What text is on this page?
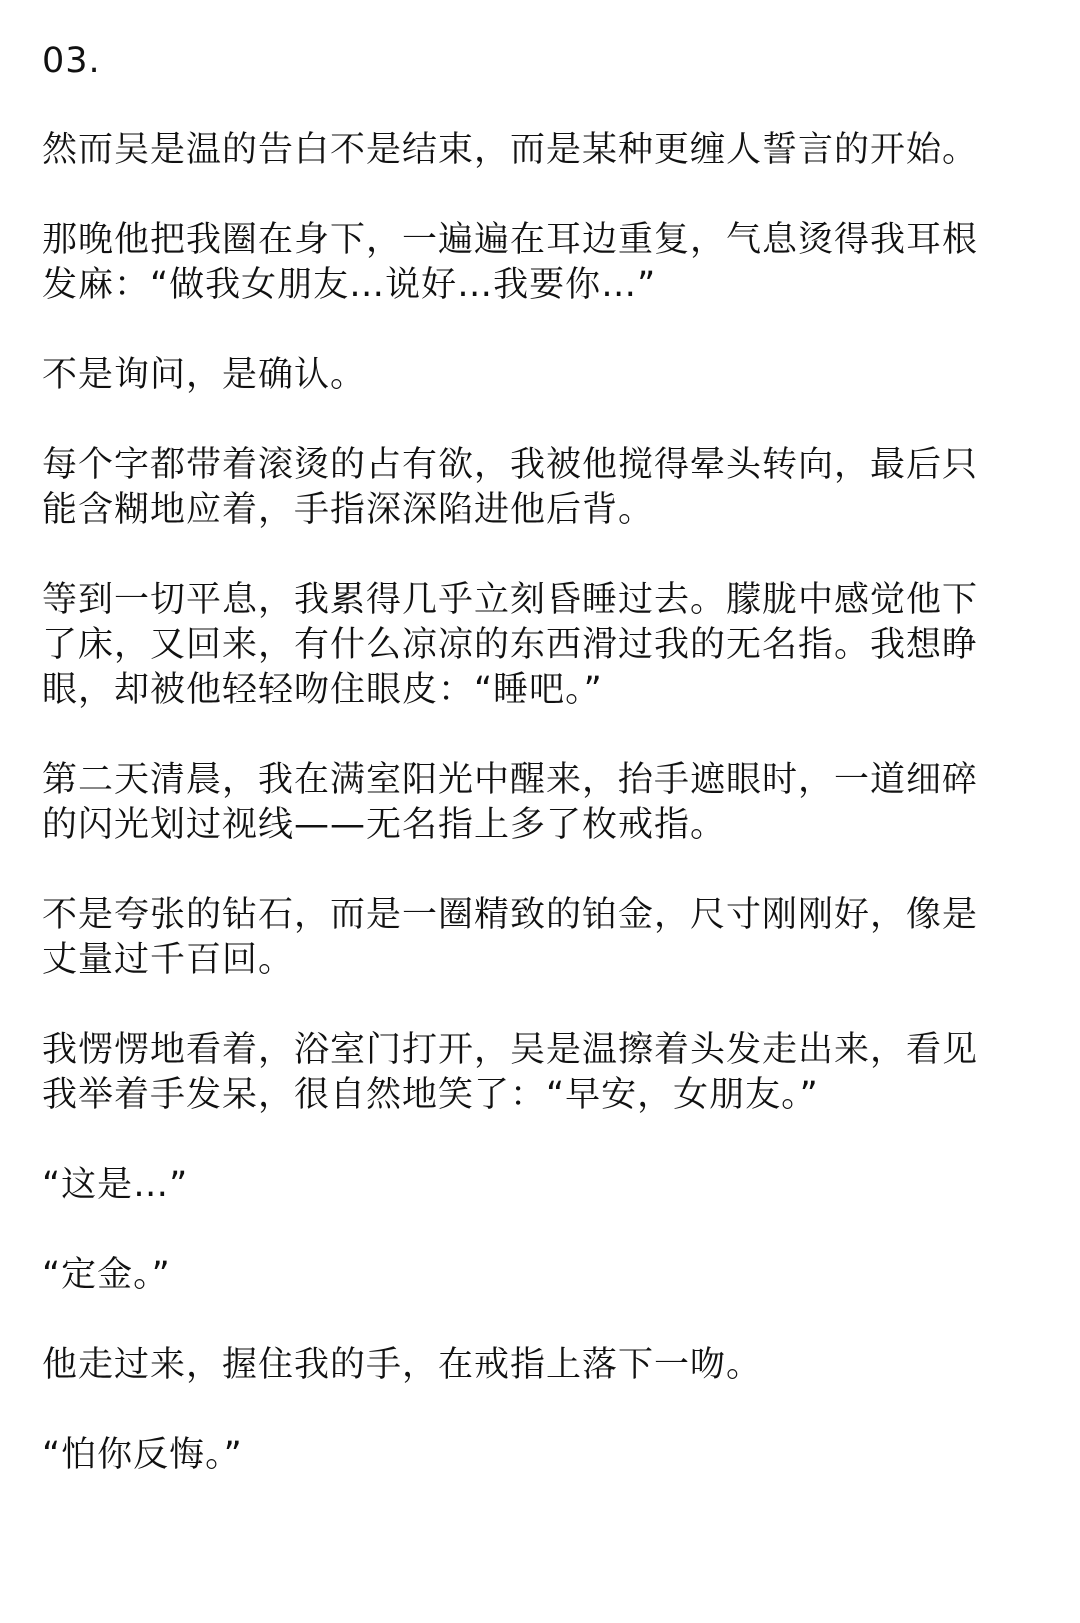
03.

然而吴是温的告白不是结束，而是某种更缠人誓言的开始。

那晚他把我圈在身下，一遍遍在耳边重复，气息烫得我耳根发麻：“做我女朋友…说好…我要你…”

不是询问，是确认。

每个字都带着滚烫的占有欲，我被他搅得晕头转向，最后只能含糊地应着，手指深深陷进他后背。

等到一切平息，我累得几乎立刻昏睡过去。朦胧中感觉他下了床，又回来，有什么凉凉的东西滑过我的无名指。我想睁眼，却被他轻轻吻住眼皮：“睡吧。”

第二天清晨，我在满室阳光中醒来，抬手遮眼时，一道细碎的闪光划过视线——无名指上多了枚戒指。

不是夸张的钻石，而是一圈精致的铂金，尺寸刚刚好，像是丈量过千百回。

我愣愣地看着，浴室门打开，吴是温擦着头发走出来，看见我举着手发呆，很自然地笑了：“早安，女朋友。”

“这是…”

“定金。”

他走过来，握住我的手，在戒指上落下一吻。

“怕你反悔。”
